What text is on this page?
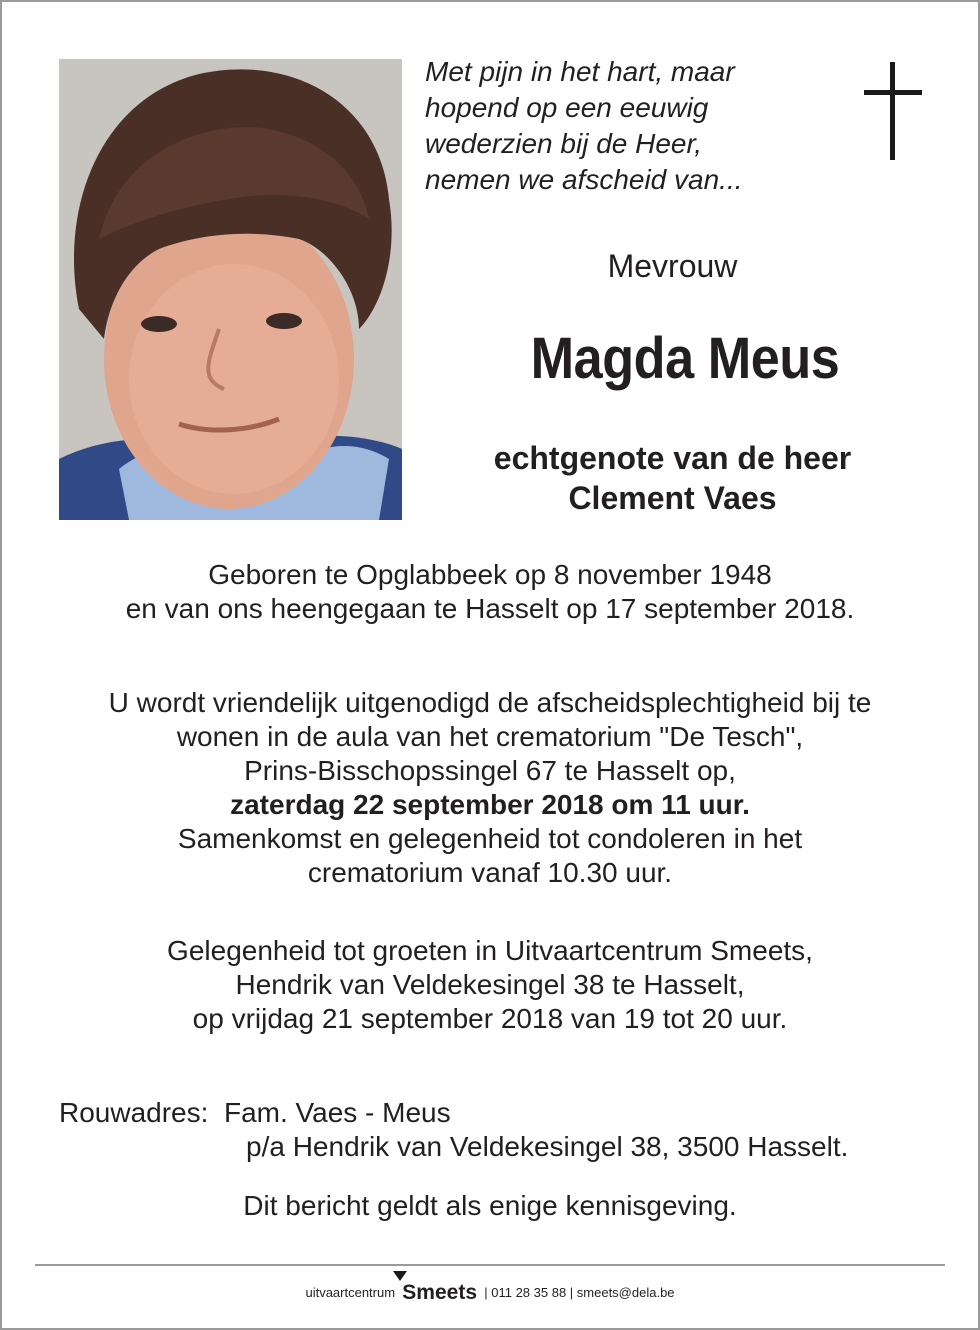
Met pijn in het hart, maar
hopend op een eeuwig
wederzien bij de Heer,
nemen we afscheid van...
Mevrouw
Magda Meus
echtgenote van de heer
Clement Vaes
Geboren te Opglabbeek op 8 november 1948
en van ons heengegaan te Hasselt op 17 september 2018.
U wordt vriendelijk uitgenodigd de afscheidsplechtigheid bij te
wonen in de aula van het crematorium "De Tesch",
Prins-Bisschopssingel 67 te Hasselt op,
zaterdag 22 september 2018 om 11 uur.
Samenkomst en gelegenheid tot condoleren in het
crematorium vanaf 10.30 uur.
Gelegenheid tot groeten in Uitvaartcentrum Smeets,
Hendrik van Veldekesingel 38 te Hasselt,
op vrijdag 21 september 2018 van 19 tot 20 uur.
Rouwadres: Fam. Vaes - Meus
p/a Hendrik van Veldekesingel 38, 3500 Hasselt.
Dit bericht geldt als enige kennisgeving.
uitvaartcentrum Smeets | 011 28 35 88 | smeets@dela.be
